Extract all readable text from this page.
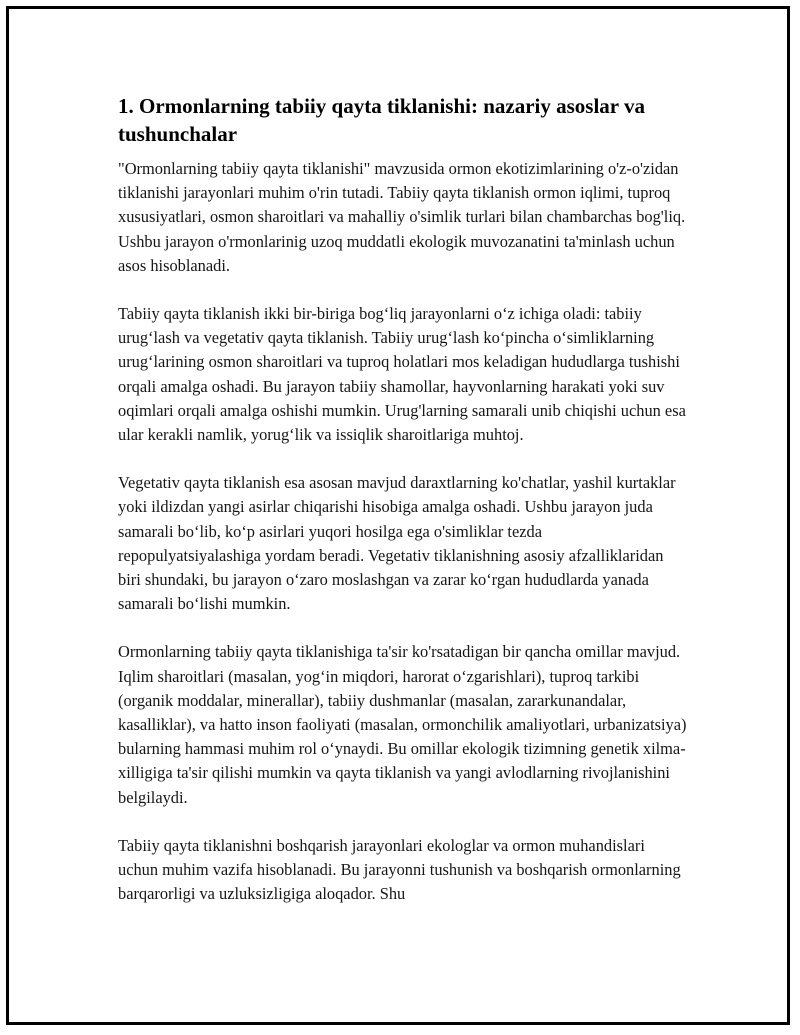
1. Ormonlarning tabiiy qayta tiklanishi: nazariy asoslar va tushunchalar

"Ormonlarning tabiiy qayta tiklanishi" mavzusida ormon ekotizimlarining o'z-o'zidan tiklanishi jarayonlari muhim o'rin tutadi. Tabiiy qayta tiklanish ormon iqlimi, tuproq xususiyatlari, osmon sharoitlari va mahalliy o'simlik turlari bilan chambarchas bog'liq. Ushbu jarayon o'rmonlarinig uzoq muddatli ekologik muvozanatini ta'minlash uchun asos hisoblanadi.

Tabiiy qayta tiklanish ikki bir-biriga bog‘liq jarayonlarni o‘z ichiga oladi: tabiiy urug‘lash va vegetativ qayta tiklanish. Tabiiy urug‘lash ko‘pincha o‘simliklarning urug‘larining osmon sharoitlari va tuproq holatlari mos keladigan hududlarga tushishi orqali amalga oshadi. Bu jarayon tabiiy shamollar, hayvonlarning harakati yoki suv oqimlari orqali amalga oshishi mumkin. Urug'larning samarali unib chiqishi uchun esa ular kerakli namlik, yorug‘lik va issiqlik sharoitlariga muhtoj.

Vegetativ qayta tiklanish esa asosan mavjud daraxtlarning ko'chatlar, yashil kurtaklar yoki ildizdan yangi asirlar chiqarishi hisobiga amalga oshadi. Ushbu jarayon juda samarali bo‘lib, ko‘p asirlari yuqori hosilga ega o'simliklar tezda repopulyatsiyalashiga yordam beradi. Vegetativ tiklanishning asosiy afzalliklaridan biri shundaki, bu jarayon o‘zaro moslashgan va zarar ko‘rgan hududlarda yanada samarali bo‘lishi mumkin.

Ormonlarning tabiiy qayta tiklanishiga ta'sir ko'rsatadigan bir qancha omillar mavjud. Iqlim sharoitlari (masalan, yog‘in miqdori, harorat o‘zgarishlari), tuproq tarkibi (organik moddalar, minerallar), tabiiy dushmanlar (masalan, zararkunandalar, kasalliklar), va hatto inson faoliyati (masalan, ormonchilik amaliyotlari, urbanizatsiya) bularning hammasi muhim rol o‘ynaydi. Bu omillar ekologik tizimning genetik xilma-xilligiga ta'sir qilishi mumkin va qayta tiklanish va yangi avlodlarning rivojlanishini belgilaydi.

Tabiiy qayta tiklanishni boshqarish jarayonlari ekologlar va ormon muhandislari uchun muhim vazifa hisoblanadi. Bu jarayonni tushunish va boshqarish ormonlarning barqarorligi va uzluksizligiga aloqador. Shu
